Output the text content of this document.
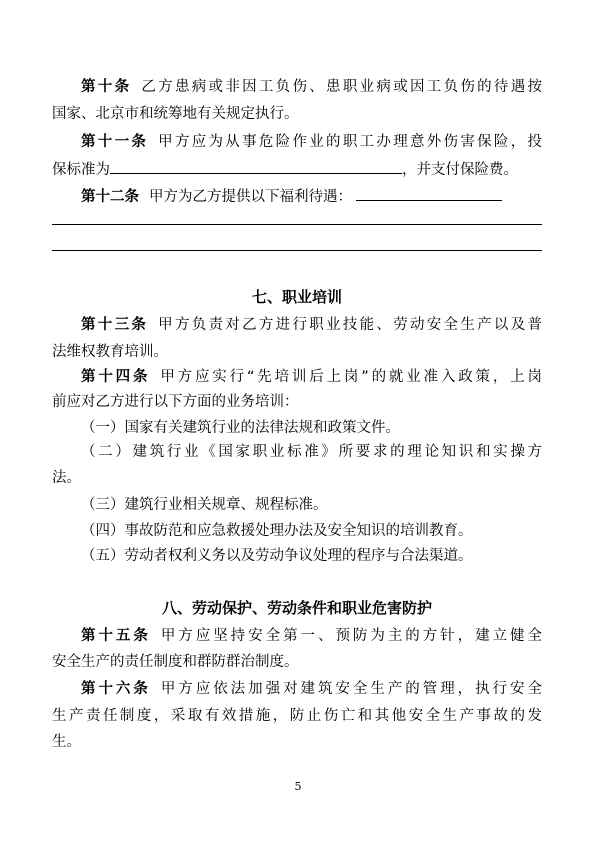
第十条 乙方患病或非因工负伤、患职业病或因工负伤的待遇按
国家、北京市和统筹地有关规定执行。
第十一条 甲方应为从事危险作业的职工办理意外伤害保险，投
保标准为	，并支付保险费。
第十二条 甲方为乙方提供以下福利待遇：
七、职业培训
第十三条 甲方负责对乙方进行职业技能、劳动安全生产以及普
法维权教育培训。
第十四条 甲方应实行“先培训后上岗”的就业准入政策，上岗
前应对乙方进行以下方面的业务培训：
（一）国家有关建筑行业的法律法规和政策文件。
（二）建筑行业《国家职业标准》所要求的理论知识和实操方
法。
（三）建筑行业相关规章、规程标准。
（四）事故防范和应急救援处理办法及安全知识的培训教育。
（五）劳动者权利义务以及劳动争议处理的程序与合法渠道。
八、劳动保护、劳动条件和职业危害防护
第十五条 甲方应坚持安全第一、预防为主的方针，建立健全
安全生产的责任制度和群防群治制度。
第十六条 甲方应依法加强对建筑安全生产的管理，执行安全
生产责任制度，采取有效措施，防止伤亡和其他安全生产事故的发
生。
5
